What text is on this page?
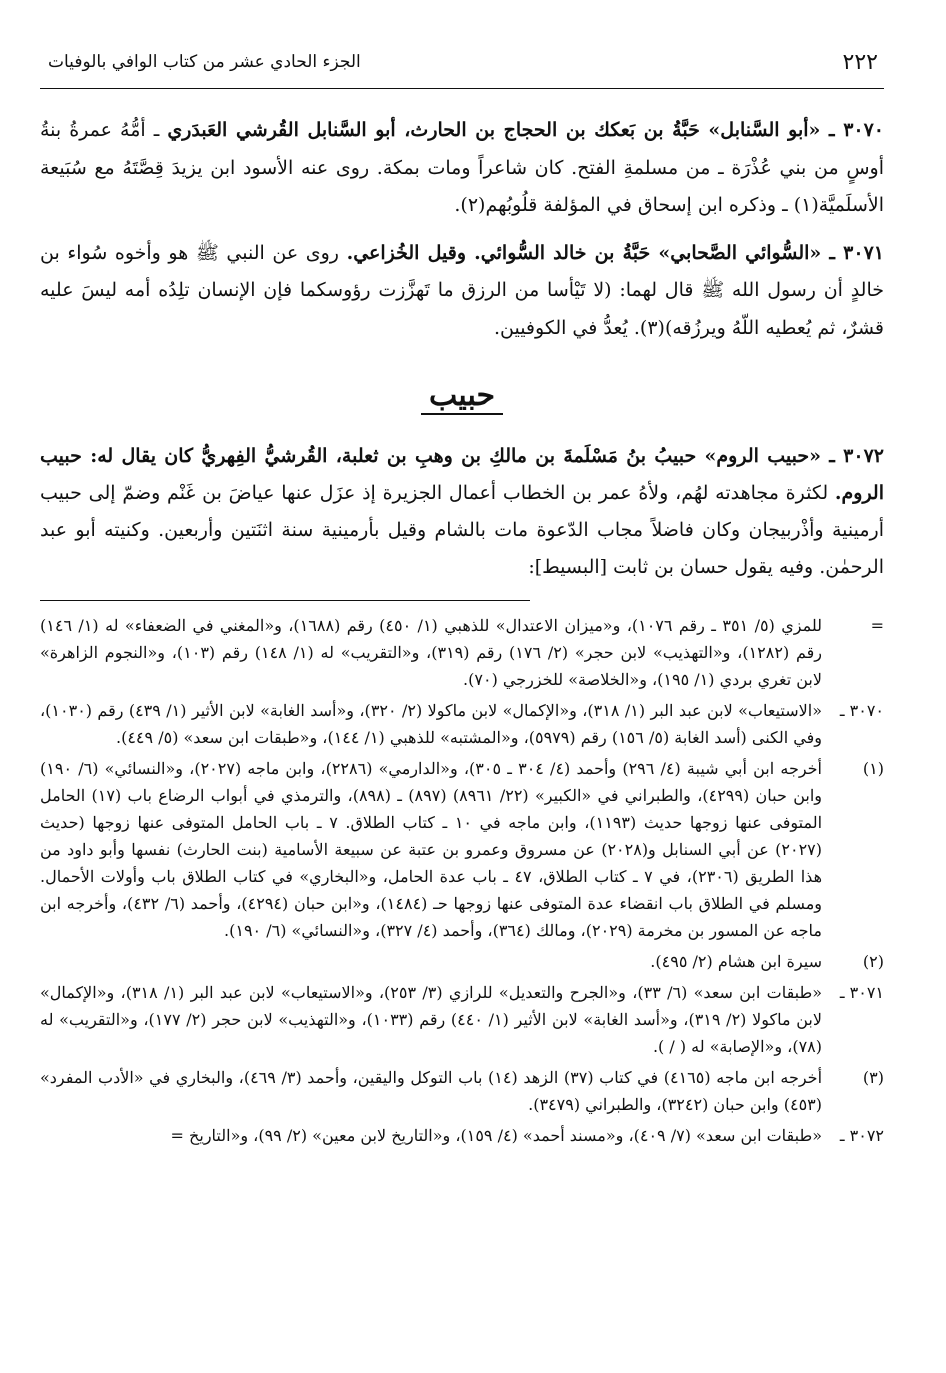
٢٢٢
الجزء الحادي عشر من كتاب الوافي بالوفيات

٣٠٧٠ ـ «أبو السَّنابل» حَبَّةُ بن بَعكك بن الحجاج بن الحارث، أبو السَّنابل القُرشي العَبدَري ـ أمُّهُ عمرةُ بنةُ أوسٍ من بني عُذْرَة ـ من مسلمةِ الفتح. كان شاعراً ومات بمكة. روى عنه الأسود ابن يزيدَ قِصَّتَهُ مع سُبَيعة الأسلَميَّة(١) ـ وذكره ابن إسحاق في المؤلفة قلُوبُهم(٢).

٣٠٧١ ـ «السُّوائي الصَّحابي» حَبَّةُ بن خالد السُّوائي. وقيل الخُزاعي. روى عن النبي ﷺ هو وأخوه سُواء بن خالدٍ أن رسول الله ﷺ قال لهما: (لا تَيْأسا من الرزق ما تَهزَّزت رؤوسكما فإن الإنسان تلِدُه أمه ليسَ عليه قشرٌ، ثم يُعطيه اللّهُ ويرزُقه)(٣). يُعدُّ في الكوفيين.

حبيب

٣٠٧٢ ـ «حبيب الروم» حبيبُ بنُ مَسْلَمةَ بن مالكِ بن وهبِ بن ثعلبة، القُرشيُّ الفِهريُّ كان يقال له: حبيب الروم. لكثرة مجاهدته لهُم، ولأهُ عمر بن الخطاب أعمال الجزيرة إذ عزَل عنها عياضَ بن غَنْم وضمّ إلى حبيب أرمينية وأذْربيجان وكان فاضلاً مجاب الدّعوة مات بالشام وقيل بأرمينية سنة اثنَتين وأربعين. وكنيته أبو عبد الرحمٰن. وفيه يقول حسان بن ثابت [البسيط]:

=
للمزي (٥/ ٣٥١ ـ رقم ١٠٧٦)، و«ميزان الاعتدال» للذهبي (١/ ٤٥٠) رقم (١٦٨٨)، و«المغني في الضعفاء» له (١/ ١٤٦) رقم (١٢٨٢)، و«التهذيب» لابن حجر» (٢/ ١٧٦) رقم (٣١٩)، و«التقريب» له (١/ ١٤٨) رقم (١٠٣)، و«النجوم الزاهرة» لابن تغري بردي (١/ ١٩٥)، و«الخلاصة» للخزرجي (٧٠).
٣٠٧٠ ـ
«الاستيعاب» لابن عبد البر (١/ ٣١٨)، و«الإكمال» لابن ماكولا (٢/ ٣٢٠)، و«أسد الغابة» لابن الأثير (١/ ٤٣٩) رقم (١٠٣٠)، وفي الكنى (أسد الغابة (٥/ ١٥٦) رقم (٥٩٧٩)، و«المشتبه» للذهبي (١/ ١٤٤)، و«طبقات ابن سعد» (٥/ ٤٤٩).
(١)
أخرجه ابن أبي شيبة (٤/ ٢٩٦) وأحمد (٤/ ٣٠٤ ـ ٣٠٥)، و«الدارمي» (٢٢٨٦)، وابن ماجه (٢٠٢٧)، و«النسائي» (٦/ ١٩٠) وابن حبان (٤٢٩٩)، والطبراني في «الكبير» (٢٢/ ٨٩٦١) (٨٩٧) ـ (٨٩٨)، والترمذي في أبواب الرضاع باب (١٧) الحامل المتوفى عنها زوجها حديث (١١٩٣)، وابن ماجه في ١٠ ـ كتاب الطلاق. ٧ ـ باب الحامل المتوفى عنها زوجها (حديث (٢٠٢٧) عن أبي السنابل و(٢٠٢٨) عن مسروق وعمرو بن عتبة عن سبيعة الأسامية (بنت الحارث) نفسها وأبو داود من هذا الطريق (٢٣٠٦)، في ٧ ـ كتاب الطلاق، ٤٧ ـ باب عدة الحامل، و«البخاري» في كتاب الطلاق باب وأولات الأحمال. ومسلم في الطلاق باب انقضاء عدة المتوفى عنها زوجها حـ (١٤٨٤)، و«ابن حبان (٤٢٩٤)، وأحمد (٦/ ٤٣٢)، وأخرجه ابن ماجه عن المسور بن مخرمة (٢٠٢٩)، ومالك (٣٦٤)، وأحمد (٤/ ٣٢٧)، و«النسائي» (٦/ ١٩٠).
(٢)
سيرة ابن هشام (٢/ ٤٩٥).
٣٠٧١ ـ
«طبقات ابن سعد» (٦/ ٣٣)، و«الجرح والتعديل» للرازي (٣/ ٢٥٣)، و«الاستيعاب» لابن عبد البر (١/ ٣١٨)، و«الإكمال» لابن ماكولا (٢/ ٣١٩)، و«أسد الغابة» لابن الأثير (١/ ٤٤٠) رقم (١٠٣٣)، و«التهذيب» لابن حجر (٢/ ١٧٧)، و«التقريب» له (٧٨)، و«الإصابة» له ( / ).
(٣)
أخرجه ابن ماجه (٤١٦٥) في كتاب (٣٧) الزهد (١٤) باب التوكل واليقين، وأحمد (٣/ ٤٦٩)، والبخاري في «الأدب المفرد» (٤٥٣) وابن حبان (٣٢٤٢)، والطبراني (٣٤٧٩).
٣٠٧٢ ـ
«طبقات ابن سعد» (٧/ ٤٠٩)، و«مسند أحمد» (٤/ ١٥٩)، و«التاريخ لابن معين» (٢/ ٩٩)، و«التاريخ =
